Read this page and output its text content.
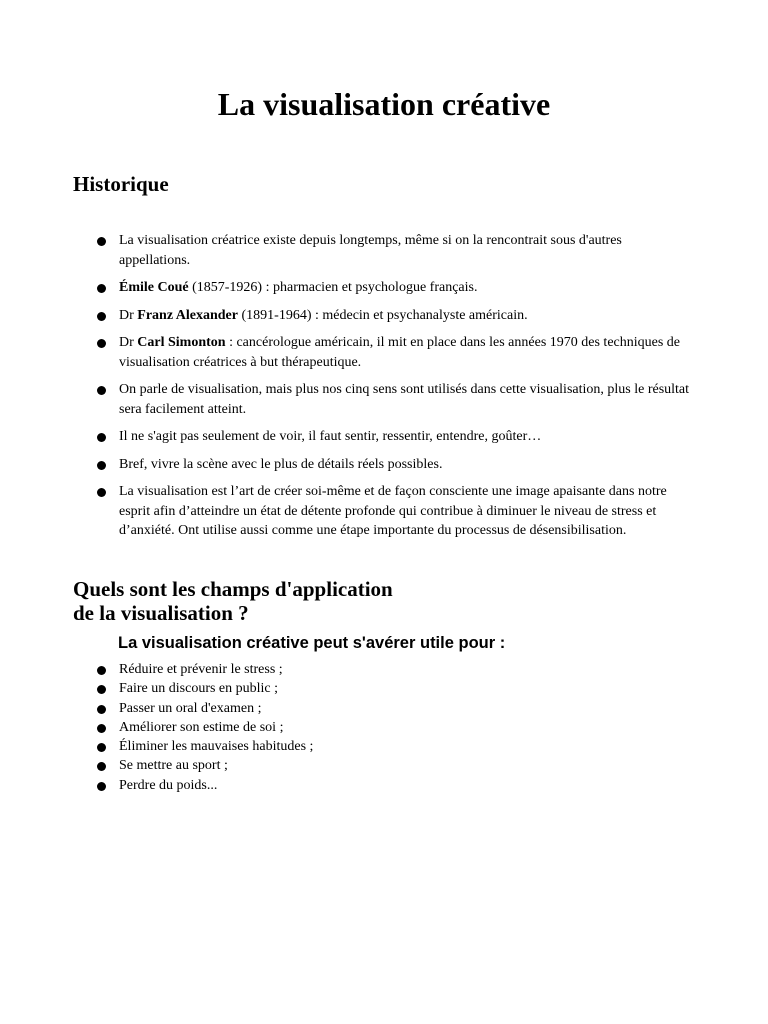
La visualisation créative
Historique
La visualisation créatrice existe depuis longtemps, même si on la rencontrait sous d'autres appellations.
Émile Coué (1857-1926) : pharmacien et psychologue français.
Dr Franz Alexander (1891-1964) : médecin et psychanalyste américain.
Dr Carl Simonton : cancérologue américain, il mit en place dans les années 1970 des techniques de visualisation créatrices à but thérapeutique.
On parle de visualisation, mais plus nos cinq sens sont utilisés dans cette visualisation, plus le résultat sera facilement atteint.
Il ne s'agit pas seulement de voir, il faut sentir, ressentir, entendre, goûter…
Bref, vivre la scène avec le plus de détails réels possibles.
La visualisation est l’art de créer soi-même et de façon consciente une image apaisante dans notre esprit afin d’atteindre un état de détente profonde qui contribue à diminuer le niveau de stress et d’anxiété. Ont utilise aussi comme une étape importante du processus de désensibilisation.
Quels sont les champs d'application
de la visualisation ?

La visualisation créative peut s'avérer utile pour :

Réduire et prévenir le stress ;
Faire un discours en public ;
Passer un oral d'examen ;
Améliorer son estime de soi ;
Éliminer les mauvaises habitudes ;
Se mettre au sport ;
Perdre du poids...
